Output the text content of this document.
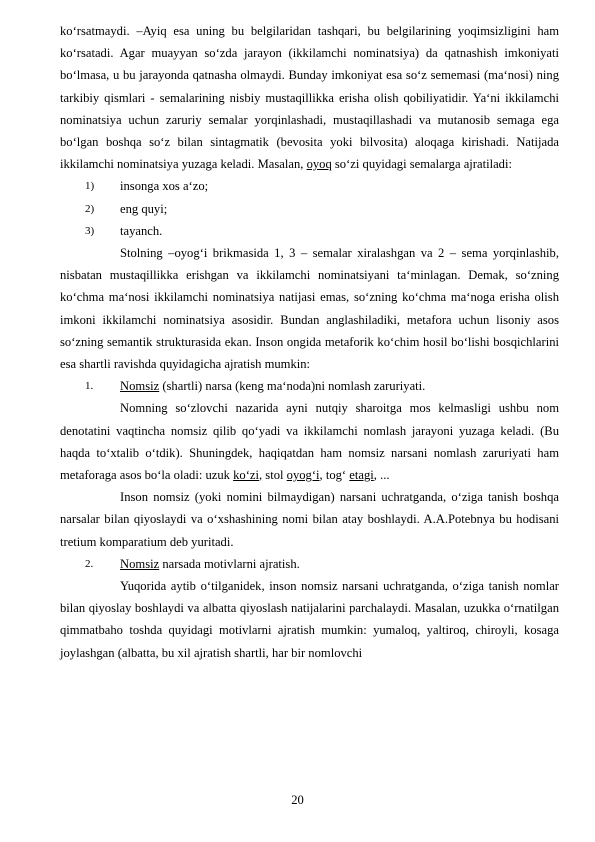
ko‘rsatmaydi. ‒Ayiq esa uning bu belgilaridan tashqari, bu belgilarining yoqimsizligini ham ko‘rsatadi. Agar muayyan so‘zda jarayon (ikkilamchi nominatsiya) da qatnashish imkoniyati bo‘lmasa, u bu jarayonda qatnasha olmaydi. Bunday imkoniyat esa so‘z sememasi (ma‘nosi) ning tarkibiy qismlari - semalarining nisbiy mustaqillikka erisha olish qobiliyatidir. Ya‘ni ikkilamchi nominatsiya uchun zaruriy semalar yorqinlashadi, mustaqillashadi va mutanosib semaga ega bo‘lgan boshqa so‘z bilan sintagmatik (bevosita yoki bilvosita) aloqaga kirishadi. Natijada ikkilamchi nominatsiya yuzaga keladi. Masalan, oyoq so‘zi quyidagi semalarga ajratiladi:

1) insonga xos a‘zo;
2) eng quyi;
3) tayanch.

Stolning ‒oyog‘i brikmasida 1, 3 – semalar xiralashgan va 2 – sema yorqinlashib, nisbatan mustaqillikka erishgan va ikkilamchi nominatsiyani ta‘minlagan. Demak, so‘zning ko‘chma ma‘nosi ikkilamchi nominatsiya natijasi emas, so‘zning ko‘chma ma‘noga erisha olish imkoni ikkilamchi nominatsiya asosidir. Bundan anglashiladiki, metafora uchun lisoniy asos so‘zning semantik strukturasida ekan. Inson ongida metaforik ko‘chim hosil bo‘lishi bosqichlarini esa shartli ravishda quyidagicha ajratish mumkin:

1. Nomsiz (shartli) narsa (keng ma‘noda)ni nomlash zaruriyati.

Nomning so‘zlovchi nazarida ayni nutqiy sharoitga mos kelmasligi ushbu nom denotatini vaqtincha nomsiz qilib qo‘yadi va ikkilamchi nomlash jarayoni yuzaga keladi. (Bu haqda to‘xtalib o‘tdik). Shuningdek, haqiqatdan ham nomsiz narsani nomlash zaruriyati ham metaforaga asos bo‘la oladi: uzuk ko‘zi, stol oyog‘i, tog‘ etagi, ...

Inson nomsiz (yoki nomini bilmaydigan) narsani uchratganda, o‘ziga tanish boshqa narsalar bilan qiyoslaydi va o‘xshashining nomi bilan atay boshlaydi. A.A.Potebnya bu hodisani tretium komparatium deb yuritadi.

2. Nomsiz narsada motivlarni ajratish.

Yuqorida aytib o‘tilganidek, inson nomsiz narsani uchratganda, o‘ziga tanish nomlar bilan qiyoslay boshlaydi va albatta qiyoslash natijalarini parchalaydi. Masalan, uzukka o‘rnatilgan qimmatbaho toshda quyidagi motivlarni ajratish mumkin: yumaloq, yaltiroq, chiroyli, kosaga joylashgan (albatta, bu xil ajratish shartli, har bir nomlovchi

20
